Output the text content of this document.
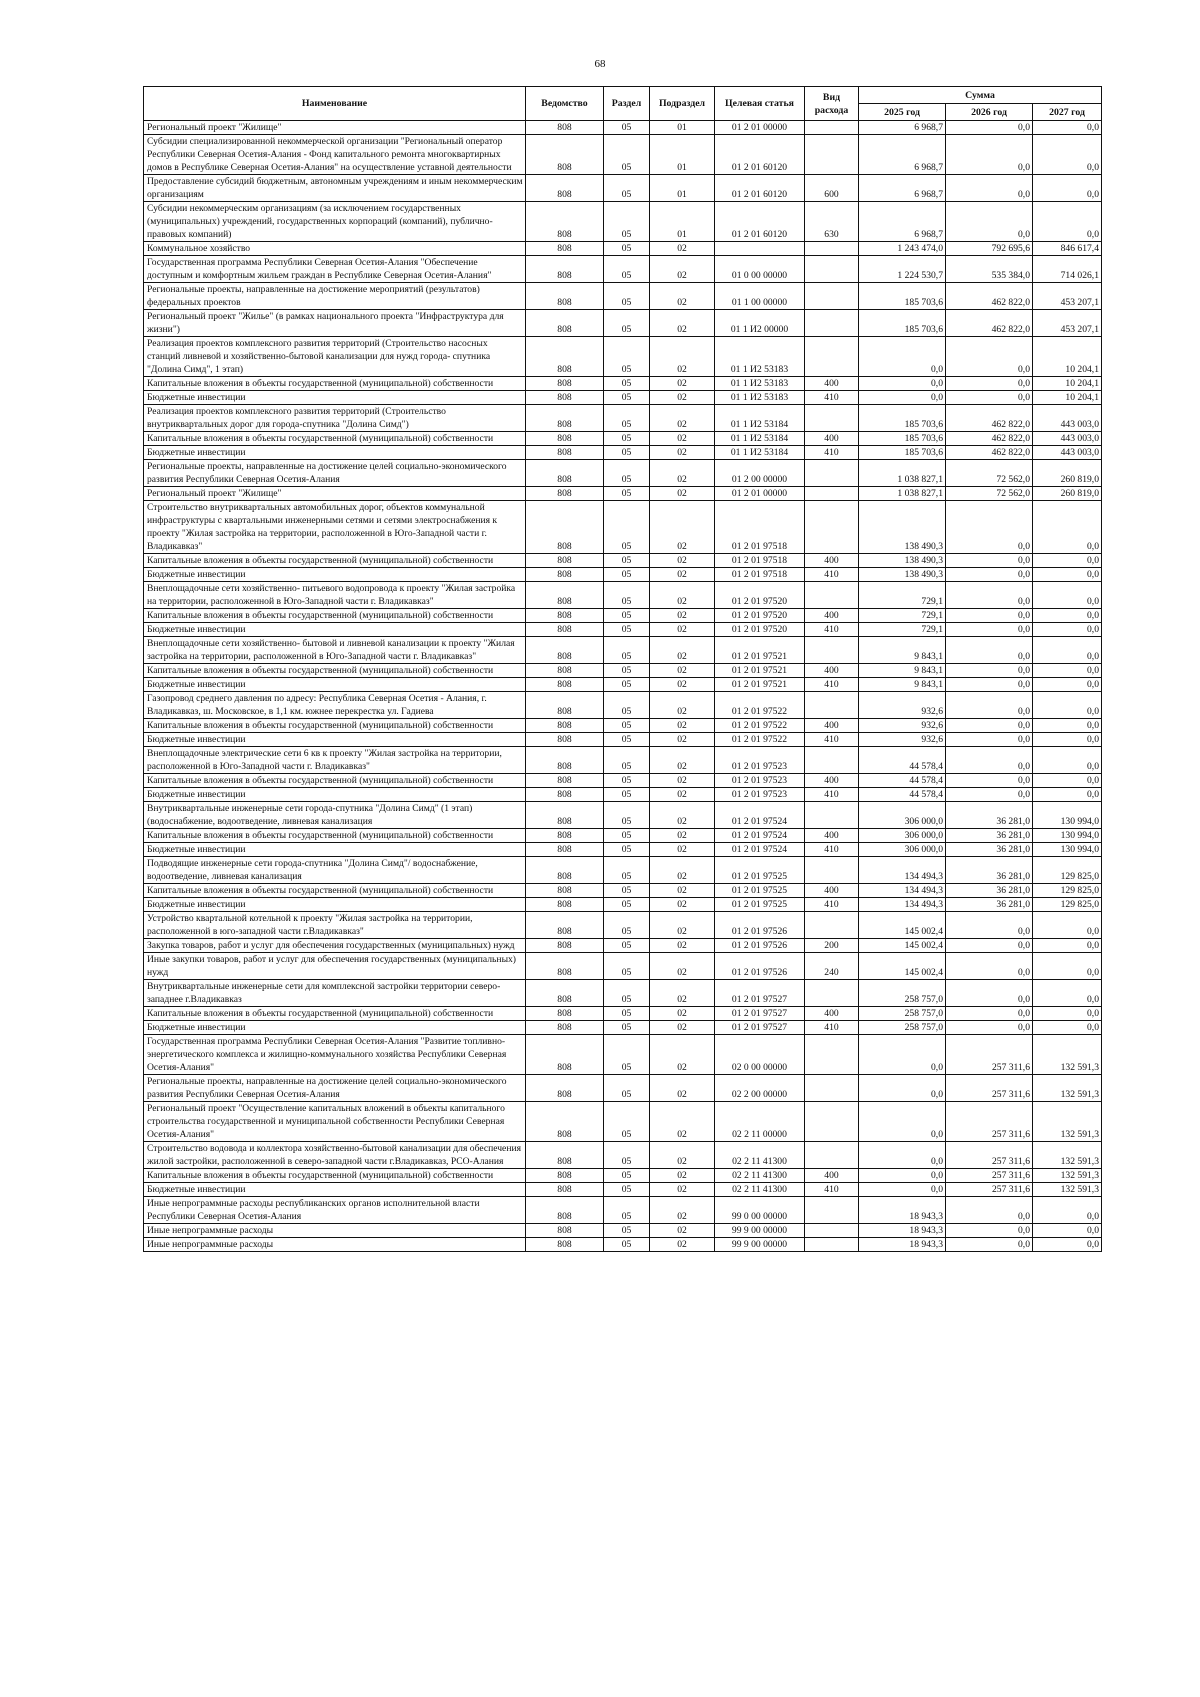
68
Наименование	Ведомство	Раздел	Подраздел	Целевая статья	Вид расхода	Сумма		
						2025 год	2026 год	2027 год
Региональный проект "Жилище"	808	05	01	01 2 01 00000		6 968,7	0,0	0,0
Субсидии специализированной некоммерческой организации "Региональный оператор Республики Северная Осетия-Алания - Фонд капитального ремонта многоквартирных домов в Республике Северная Осетия-Алания" на осуществление уставной деятельности	808	05	01	01 2 01 60120		6 968,7	0,0	0,0
Предоставление субсидий бюджетным, автономным учреждениям и иным некоммерческим организациям	808	05	01	01 2 01 60120	600	6 968,7	0,0	0,0
Субсидии некоммерческим организациям (за исключением государственных (муниципальных) учреждений, государственных корпораций (компаний), публично-правовых компаний)	808	05	01	01 2 01 60120	630	6 968,7	0,0	0,0
Коммунальное хозяйство	808	05	02			1 243 474,0	792 695,6	846 617,4
Государственная программа Республики Северная Осетия-Алания "Обеспечение доступным и комфортным жильем граждан в Республике Северная Осетия-Алания"	808	05	02	01 0 00 00000		1 224 530,7	535 384,0	714 026,1
Региональные проекты, направленные на достижение мероприятий (результатов) федеральных проектов	808	05	02	01 1 00 00000		185 703,6	462 822,0	453 207,1
Региональный проект "Жилье" (в рамках национального проекта "Инфраструктура для жизни")	808	05	02	01 1 И2 00000		185 703,6	462 822,0	453 207,1
Реализация проектов комплексного развития территорий (Строительство насосных станций ливневой и хозяйственно-бытовой канализации для нужд города- спутника "Долина Симд", 1 этап)	808	05	02	01 1 И2 53183		0,0	0,0	10 204,1
Капитальные вложения в объекты государственной (муниципальной) собственности	808	05	02	01 1 И2 53183	400	0,0	0,0	10 204,1
Бюджетные инвестиции	808	05	02	01 1 И2 53183	410	0,0	0,0	10 204,1
Реализация проектов комплексного развития территорий (Строительство внутриквартальных дорог для города-спутника "Долина Симд")	808	05	02	01 1 И2 53184		185 703,6	462 822,0	443 003,0
Капитальные вложения в объекты государственной (муниципальной) собственности	808	05	02	01 1 И2 53184	400	185 703,6	462 822,0	443 003,0
Бюджетные инвестиции	808	05	02	01 1 И2 53184	410	185 703,6	462 822,0	443 003,0
Региональные проекты, направленные на достижение целей социально-экономического развития Республики Северная Осетия-Алания	808	05	02	01 2 00 00000		1 038 827,1	72 562,0	260 819,0
Региональный проект "Жилище"	808	05	02	01 2 01 00000		1 038 827,1	72 562,0	260 819,0
Строительство внутриквартальных автомобильных дорог, объектов коммунальной инфраструктуры с квартальными инженерными сетями и сетями электроснабжения к проекту "Жилая застройка на территории, расположенной в Юго-Западной части г. Владикавказ"	808	05	02	01 2 01 97518		138 490,3	0,0	0,0
Капитальные вложения в объекты государственной (муниципальной) собственности	808	05	02	01 2 01 97518	400	138 490,3	0,0	0,0
Бюджетные инвестиции	808	05	02	01 2 01 97518	410	138 490,3	0,0	0,0
Внеплощадочные сети хозяйственно- питьевого водопровода к проекту "Жилая застройка на территории, расположенной в Юго-Западной части г. Владикавказ"	808	05	02	01 2 01 97520		729,1	0,0	0,0
Капитальные вложения в объекты государственной (муниципальной) собственности	808	05	02	01 2 01 97520	400	729,1	0,0	0,0
Бюджетные инвестиции	808	05	02	01 2 01 97520	410	729,1	0,0	0,0
Внеплощадочные сети хозяйственно- бытовой и ливневой канализации к проекту "Жилая застройка на территории, расположенной в Юго-Западной части г. Владикавказ"	808	05	02	01 2 01 97521		9 843,1	0,0	0,0
Капитальные вложения в объекты государственной (муниципальной) собственности	808	05	02	01 2 01 97521	400	9 843,1	0,0	0,0
Бюджетные инвестиции	808	05	02	01 2 01 97521	410	9 843,1	0,0	0,0
Газопровод среднего давления по адресу: Республика Северная Осетия - Алания, г. Владикавказ, ш. Московское, в 1,1 км. южнее перекрестка ул. Гадиева	808	05	02	01 2 01 97522		932,6	0,0	0,0
Капитальные вложения в объекты государственной (муниципальной) собственности	808	05	02	01 2 01 97522	400	932,6	0,0	0,0
Бюджетные инвестиции	808	05	02	01 2 01 97522	410	932,6	0,0	0,0
Внеплощадочные электрические сети 6 кв к проекту "Жилая застройка на территории, расположенной в Юго-Западной части г. Владикавказ"	808	05	02	01 2 01 97523		44 578,4	0,0	0,0
Капитальные вложения в объекты государственной (муниципальной) собственности	808	05	02	01 2 01 97523	400	44 578,4	0,0	0,0
Бюджетные инвестиции	808	05	02	01 2 01 97523	410	44 578,4	0,0	0,0
Внутриквартальные инженерные сети города-спутника "Долина Симд" (1 этап)(водоснабжение, водоотведение, ливневая канализация	808	05	02	01 2 01 97524		306 000,0	36 281,0	130 994,0
Капитальные вложения в объекты государственной (муниципальной) собственности	808	05	02	01 2 01 97524	400	306 000,0	36 281,0	130 994,0
Бюджетные инвестиции	808	05	02	01 2 01 97524	410	306 000,0	36 281,0	130 994,0
Подводящие инженерные сети города-спутника "Долина Симд"/ водоснабжение, водоотведение, ливневая канализация	808	05	02	01 2 01 97525		134 494,3	36 281,0	129 825,0
Капитальные вложения в объекты государственной (муниципальной) собственности	808	05	02	01 2 01 97525	400	134 494,3	36 281,0	129 825,0
Бюджетные инвестиции	808	05	02	01 2 01 97525	410	134 494,3	36 281,0	129 825,0
Устройство квартальной котельной к проекту "Жилая застройка на территории, расположенной в юго-западной части г.Владикавказ"	808	05	02	01 2 01 97526		145 002,4	0,0	0,0
Закупка товаров, работ и услуг для обеспечения государственных (муниципальных) нужд	808	05	02	01 2 01 97526	200	145 002,4	0,0	0,0
Иные закупки товаров, работ и услуг для обеспечения государственных (муниципальных) нужд	808	05	02	01 2 01 97526	240	145 002,4	0,0	0,0
Внутриквартальные инженерные сети для комплексной застройки территории северо-западнее г.Владикавказ	808	05	02	01 2 01 97527		258 757,0	0,0	0,0
Капитальные вложения в объекты государственной (муниципальной) собственности	808	05	02	01 2 01 97527	400	258 757,0	0,0	0,0
Бюджетные инвестиции	808	05	02	01 2 01 97527	410	258 757,0	0,0	0,0
Государственная программа Республики Северная Осетия-Алания "Развитие топливно-энергетического комплекса и жилищно-коммунального хозяйства Республики Северная Осетия-Алания"	808	05	02	02 0 00 00000		0,0	257 311,6	132 591,3
Региональные проекты, направленные на достижение целей социально-экономического развития Республики Северная Осетия-Алания	808	05	02	02 2 00 00000		0,0	257 311,6	132 591,3
Региональный проект "Осуществление капитальных вложений в объекты капитального строительства государственной и муниципальной собственности Республики Северная Осетия-Алания"	808	05	02	02 2 11 00000		0,0	257 311,6	132 591,3
Строительство водовода и коллектора хозяйственно-бытовой канализации для обеспечения жилой застройки, расположенной в северо-западной части г.Владикавказ, РСО-Алания	808	05	02	02 2 11 41300		0,0	257 311,6	132 591,3
Капитальные вложения в объекты государственной (муниципальной) собственности	808	05	02	02 2 11 41300	400	0,0	257 311,6	132 591,3
Бюджетные инвестиции	808	05	02	02 2 11 41300	410	0,0	257 311,6	132 591,3
Иные непрограммные расходы республиканских органов исполнительной власти Республики Северная Осетия-Алания	808	05	02	99 0 00 00000		18 943,3	0,0	0,0
Иные непрограммные расходы	808	05	02	99 9 00 00000		18 943,3	0,0	0,0
Иные непрограммные расходы	808	05	02	99 9 00 00000		18 943,3	0,0	0,0
